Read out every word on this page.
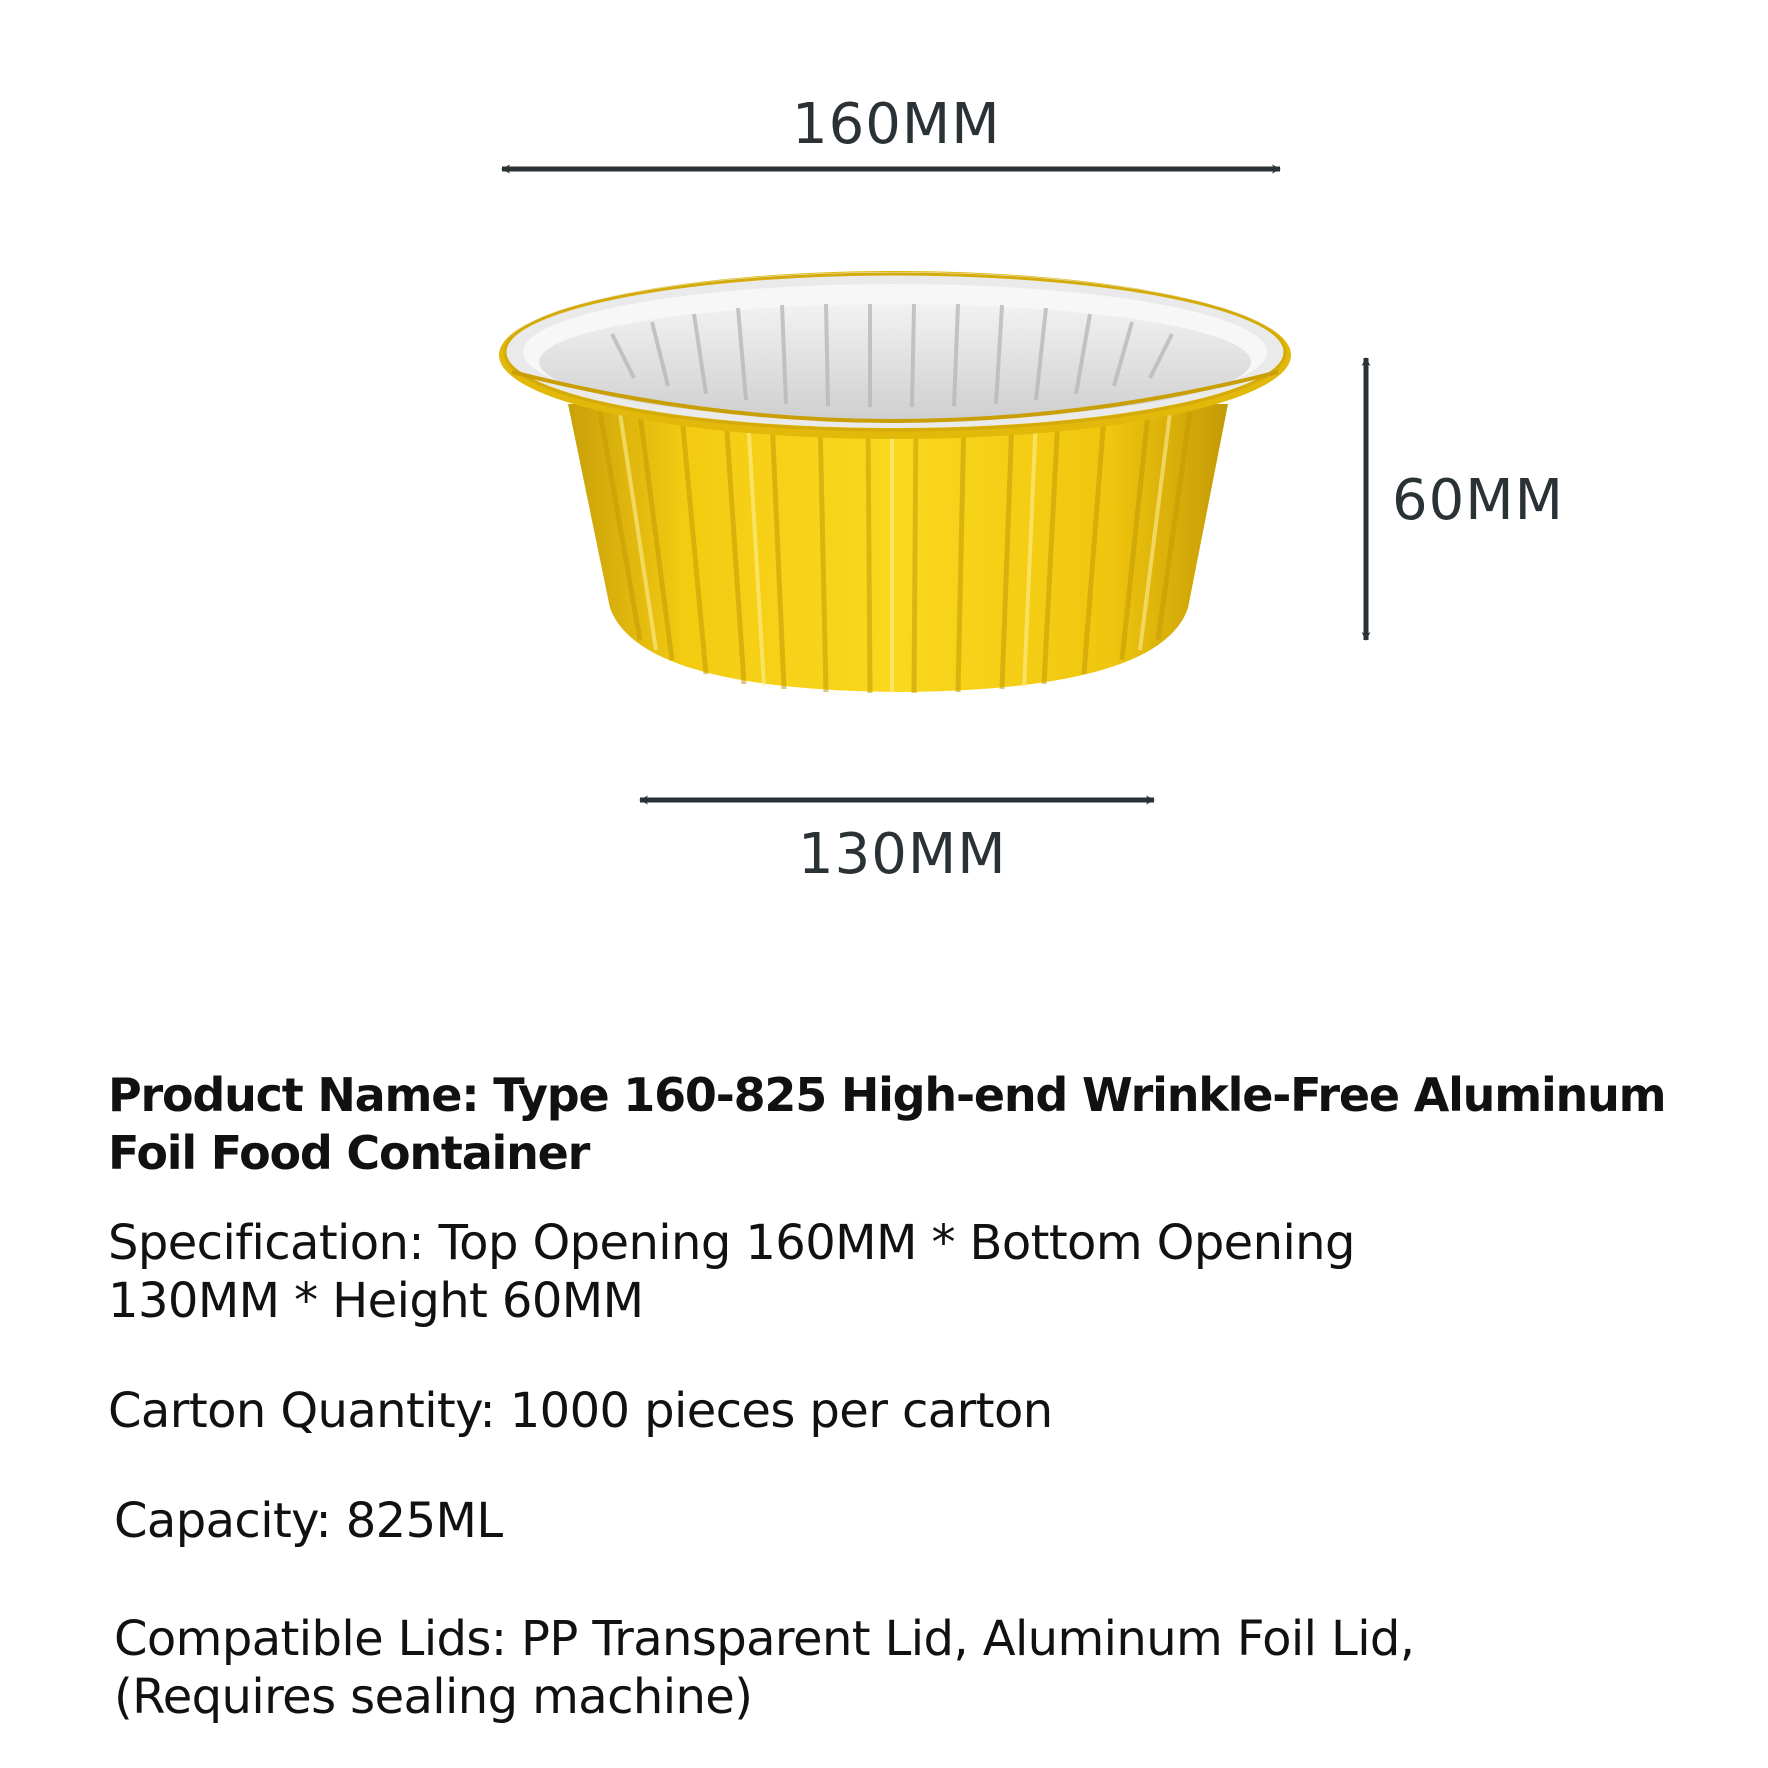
160MM
60MM
130MM
Product Name: Type 160-825 High-end Wrinkle-Free Aluminum Foil Food Container
Specification: Top Opening 160MM * Bottom Opening 130MM * Height 60MM
Carton Quantity: 1000 pieces per carton
Capacity: 825ML
Compatible Lids: PP Transparent Lid, Aluminum Foil Lid,(Requires sealing machine)
